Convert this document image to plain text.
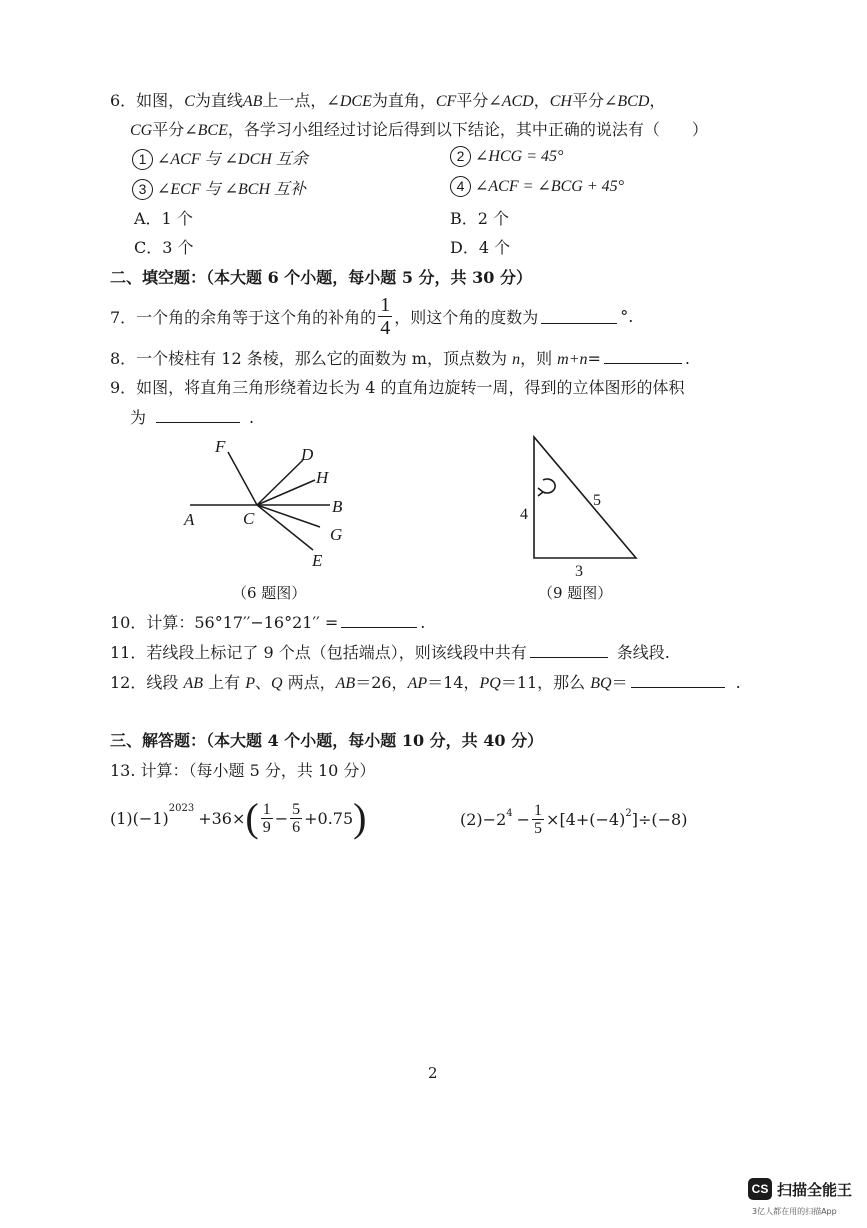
6．如图，C为直线AB上一点，∠DCE为直角，CF平分∠ACD，CH平分∠BCD，
CG平分∠BCE，各学习小组经过讨论后得到以下结论，其中正确的说法有（　　）
1 ∠ACF 与 ∠DCH 互余	2 ∠HCG = 45°
3 ∠ECF 与 ∠BCH 互补	4 ∠ACF = ∠BCG + 45°
A．1 个	B．2 个
C．3 个	D．4 个
二、填空题：（本大题 6 个小题，每小题 5 分，共 30 分）
7．一个角的余角等于这个角的补角的 $\frac{1}{4}$ ，则这个角的度数为	°.
8．一个棱柱有 12 条棱，那么它的面数为 m，顶点数为 n，则 m+n=	.
9．如图，将直角三角形绕着边长为 4 的直角边旋转一周，得到的立体图形的体积
为	.
F	D
H
B
A	C
G
E
（6 题图）
4
5
3
（9 题图）
10．计算：56°17′′−16°21′′ =	.
11．若线段上标记了 9 个点（包括端点），则该线段中共有	条线段.
12．线段 AB 上有 P、Q 两点，AB＝26，AP＝14，PQ＝11，那么 BQ＝	.
三、解答题：（本大题 4 个小题，每小题 10 分，共 40 分）
13. 计算：（每小题 5 分，共 10 分）
(1) $(-1)^{2023} +36\times$ ( $\frac{1}{9} - \frac{5}{6} +0.75$ )	(2)−2 $4 - \frac{1}{5} \times[4+(-4)$ 2 ]÷(−8)
2
CS 扫描全能王
3亿人都在用的扫描App
